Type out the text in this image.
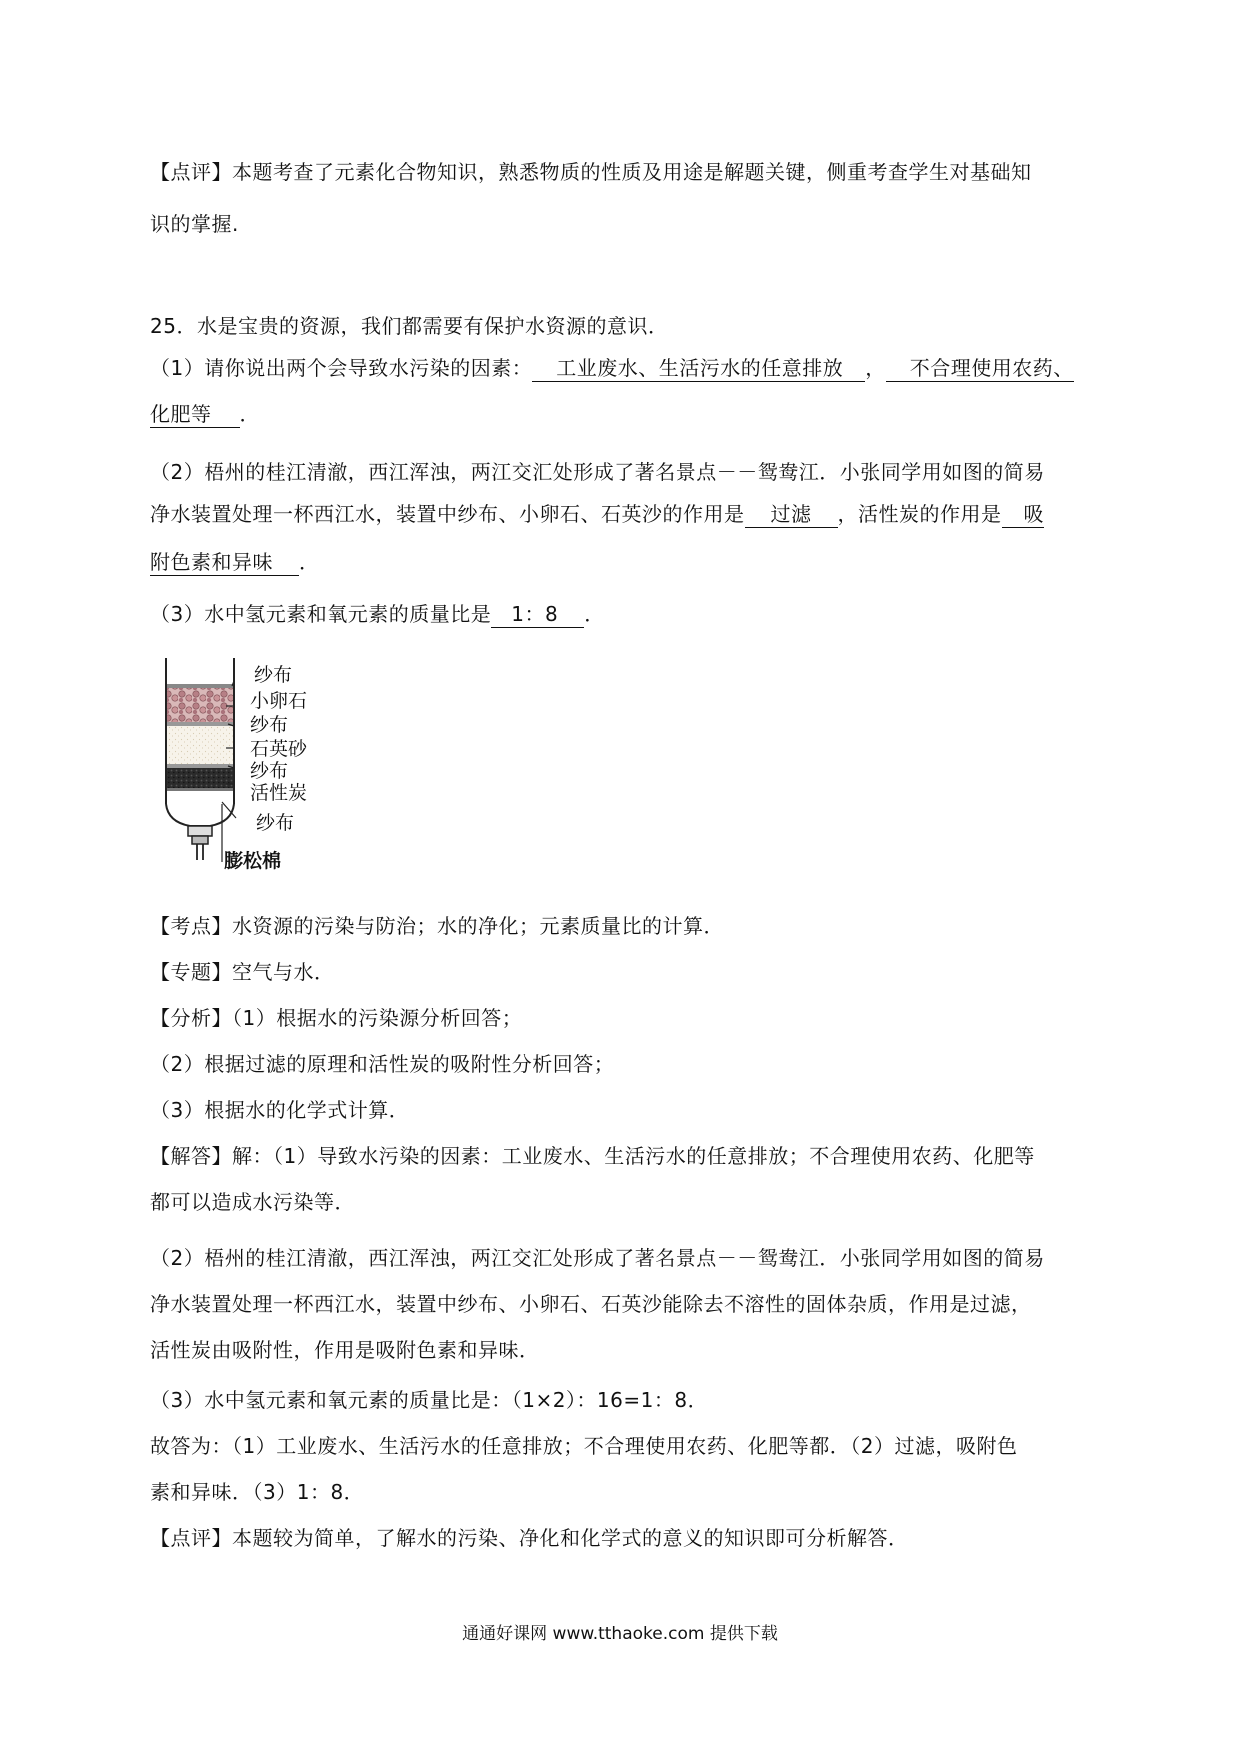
【点评】本题考查了元素化合物知识，熟悉物质的性质及用途是解题关键，侧重考查学生对基础知
识的掌握.
25．水是宝贵的资源，我们都需要有保护水资源的意识．
（1）请你说出两个会导致水污染的因素： 工业废水、生活污水的任意排放 ， 不合理使用农药、
化肥等 ．
（2）梧州的桂江清澈，西江浑浊，两江交汇处形成了著名景点－－鸳鸯江．小张同学用如图的简易
净水装置处理一杯西江水，装置中纱布、小卵石、石英沙的作用是 过滤 ，活性炭的作用是 吸
附色素和异味 ．
（3）水中氢元素和氧元素的质量比是 1：8 ．
纱布
小卵石
纱布
石英砂
纱布
活性炭
纱布
膨松棉
【考点】水资源的污染与防治；水的净化；元素质量比的计算．
【专题】空气与水．
【分析】（1）根据水的污染源分析回答；
（2）根据过滤的原理和活性炭的吸附性分析回答；
（3）根据水的化学式计算．
【解答】解：（1）导致水污染的因素：工业废水、生活污水的任意排放；不合理使用农药、化肥等
都可以造成水污染等．
（2）梧州的桂江清澈，西江浑浊，两江交汇处形成了著名景点－－鸳鸯江．小张同学用如图的简易
净水装置处理一杯西江水，装置中纱布、小卵石、石英沙能除去不溶性的固体杂质，作用是过滤，
活性炭由吸附性，作用是吸附色素和异味．
（3）水中氢元素和氧元素的质量比是：（1×2）：16=1：8．
故答为：（1）工业废水、生活污水的任意排放；不合理使用农药、化肥等都．（2）过滤，吸附色
素和异味．（3）1：8．
【点评】本题较为简单，了解水的污染、净化和化学式的意义的知识即可分析解答．
通通好课网 www.tthaoke.com 提供下载
